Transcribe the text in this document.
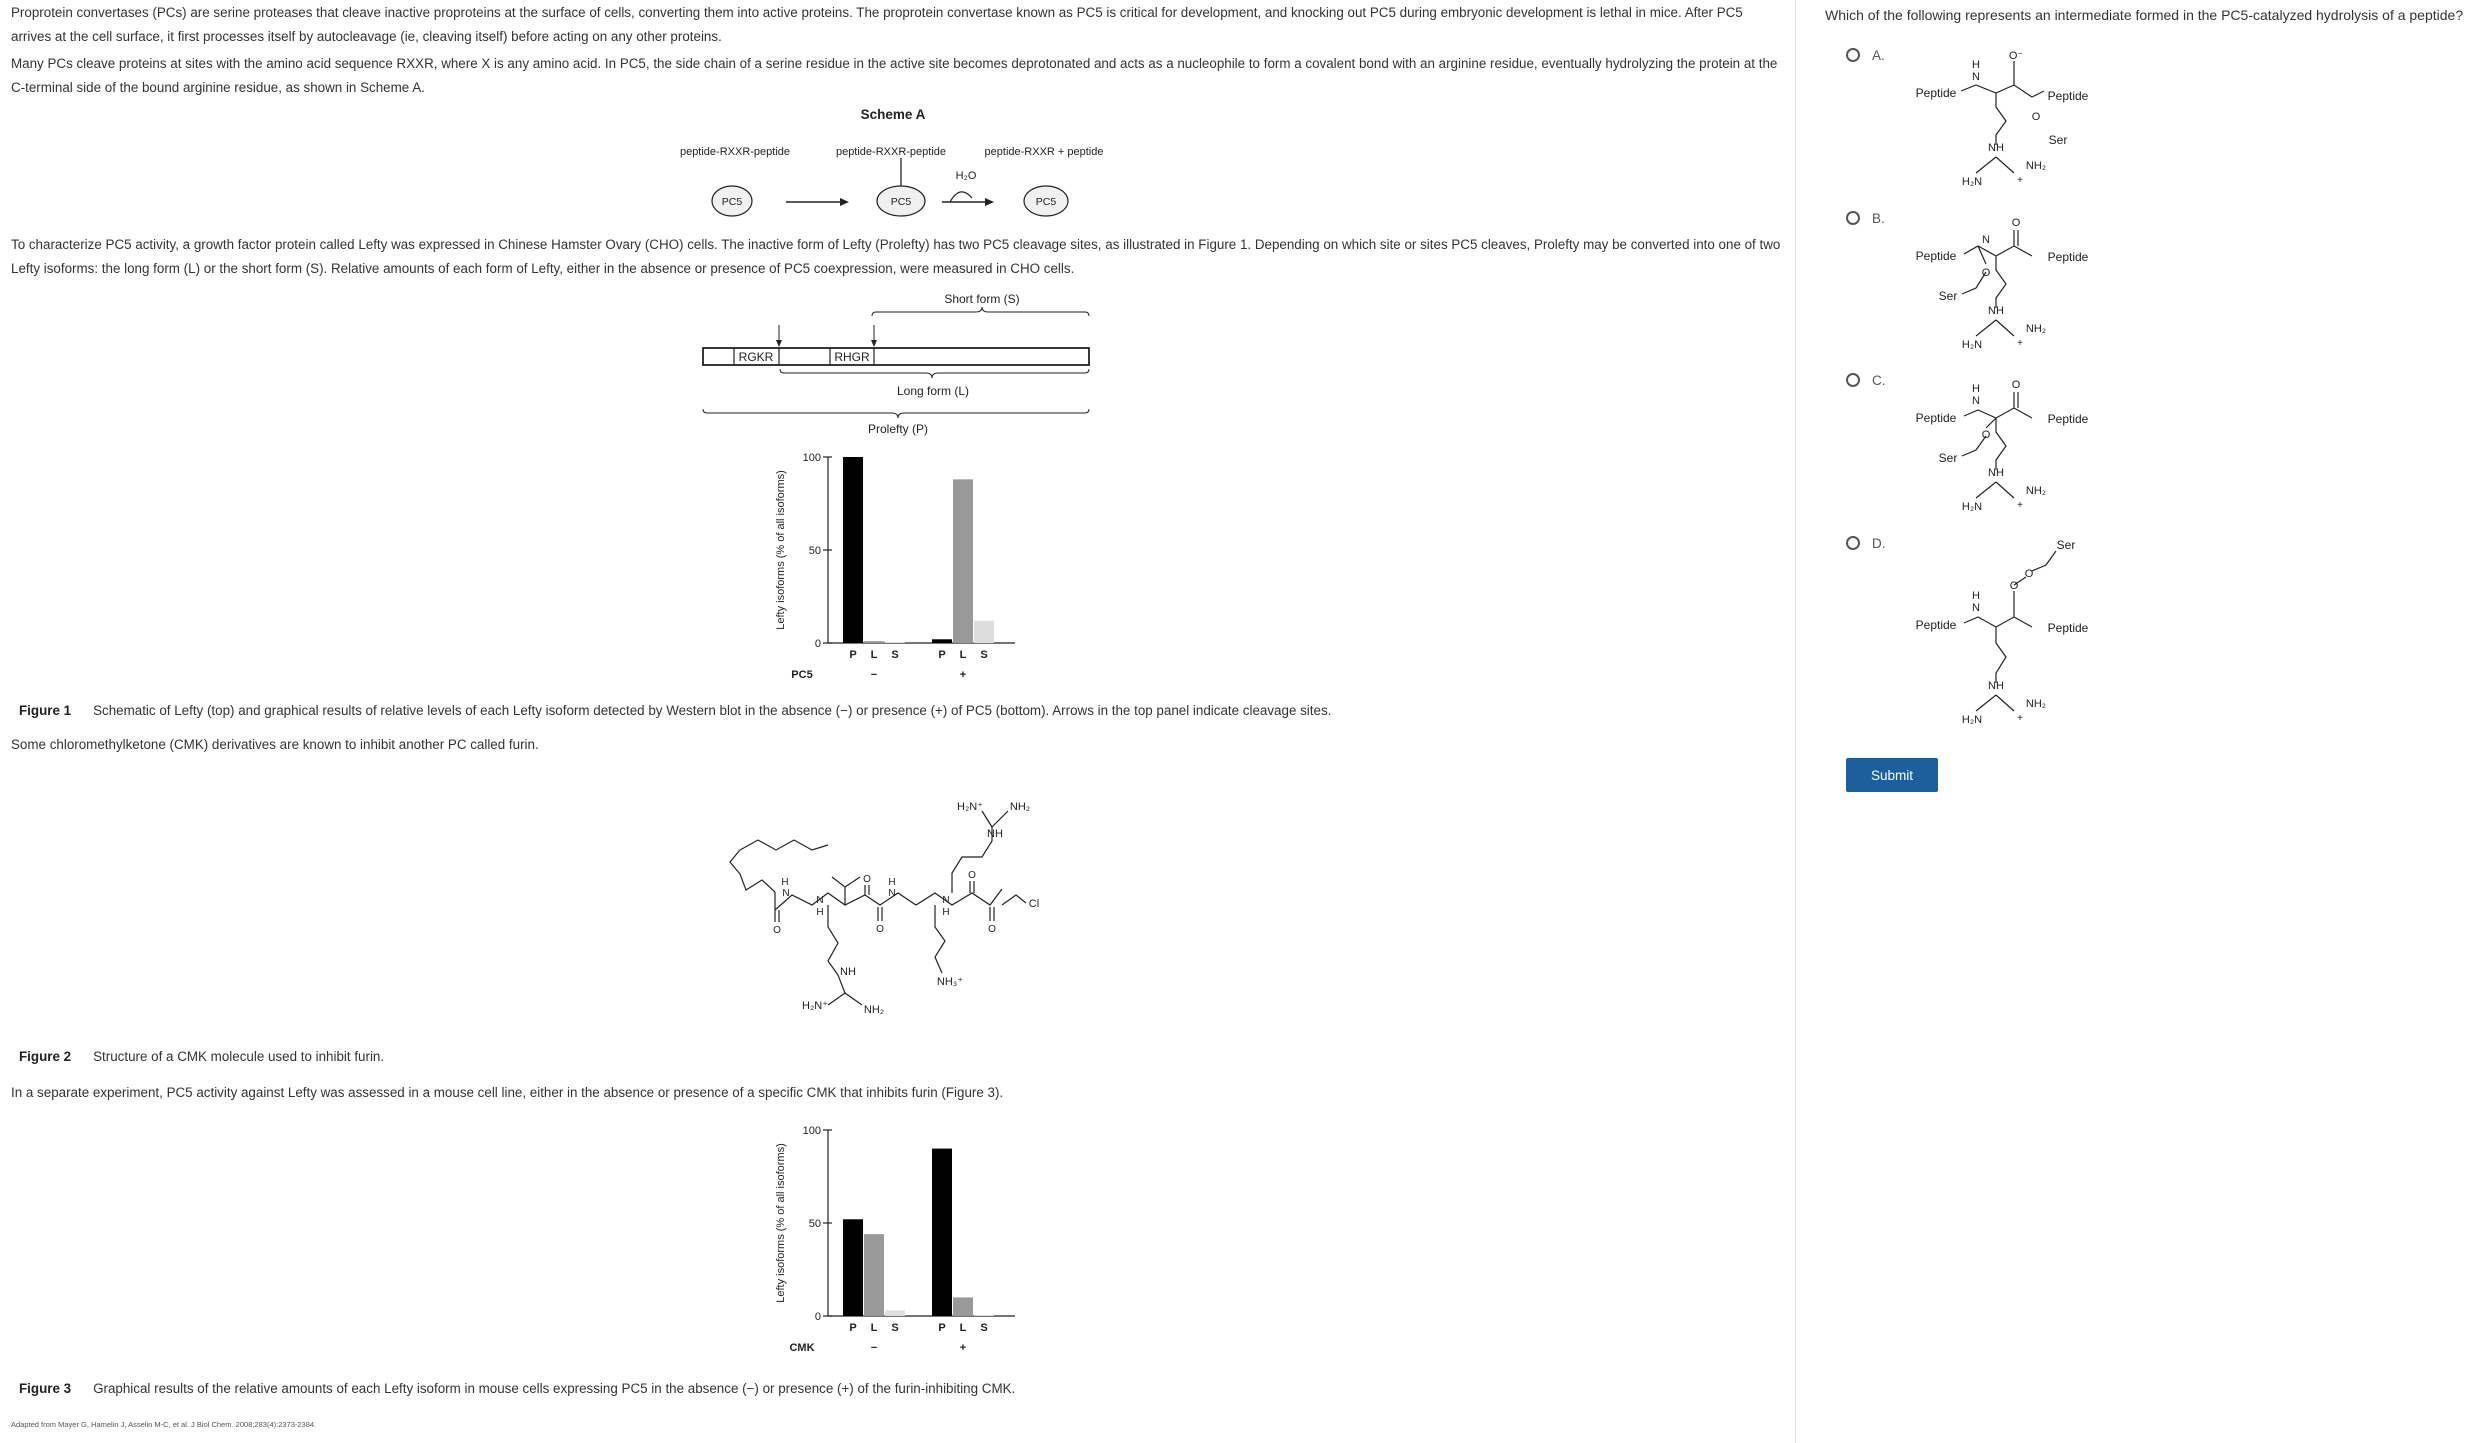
Proprotein convertases (PCs) are serine proteases that cleave inactive proproteins at the surface of cells, converting them into active proteins. The proprotein convertase known as PC5 is critical for development, and knocking out PC5 during embryonic development is lethal in mice. After PC5 arrives at the cell surface, it first processes itself by autocleavage (ie, cleaving itself) before acting on any other proteins.

Many PCs cleave proteins at sites with the amino acid sequence RXXR, where X is any amino acid. In PC5, the side chain of a serine residue in the active site becomes deprotonated and acts as a nucleophile to form a covalent bond with an arginine residue, eventually hydrolyzing the protein at the C-terminal side of the bound arginine residue, as shown in Scheme A.

Scheme A
peptide-RXXR-peptide	peptide-RXXR-peptide	peptide-RXXR + peptide
PC5	PC5
H₂O
PC5

To characterize PC5 activity, a growth factor protein called Lefty was expressed in Chinese Hamster Ovary (CHO) cells. The inactive form of Lefty (Prolefty) has two PC5 cleavage sites, as illustrated in Figure 1. Depending on which site or sites PC5 cleaves, Prolefty may be converted into one of two Lefty isoforms: the long form (L) or the short form (S). Relative amounts of each form of Lefty, either in the absence or presence of PC5 coexpression, were measured in CHO cells.

Short form (S)
RGKR	RHGR
Long form (L)
Prolefty (P)
Lefty isoforms (% of all isoforms)
0
50
100
P L S
−
P L S
+
PC5
Figure 1 Schematic of Lefty (top) and graphical results of relative levels of each Lefty isoform detected by Western blot in the absence (−) or presence (+) of PC5 (bottom). Arrows in the top panel indicate cleavage sites.

Some chloromethylketone (CMK) derivatives are known to inhibit another PC called furin.

H₂N⁺ NH₂
NH
Cl
NH
NH₃⁺
H₂N⁺	NH₂
H
N
N
H
N
H
N
H
O
O
O
O
O
Figure 2 Structure of a CMK molecule used to inhibit furin.

In a separate experiment, PC5 activity against Lefty was assessed in a mouse cell line, either in the absence or presence of a specific CMK that inhibits furin (Figure 3).

Lefty isoforms (% of all isoforms)
0
50
100
P L S
−
P L S
+
CMK
Figure 3 Graphical results of the relative amounts of each Lefty isoform in mouse cells expressing PC5 in the absence (−) or presence (+) of the furin-inhibiting CMK.
Adapted from Mayer G, Hamelin J, Asselin M-C, et al. J Biol Chem. 2008;283(4):2373-2384.
Which of the following represents an intermediate formed in the PC5-catalyzed hydrolysis of a peptide?
A.
Peptide
H
N
O⁻
O
Peptide
Ser
NH
NH₂
+
H₂N
B.
Peptide
N
O
O
Peptide
Ser
NH
NH₂
+
H₂N
C.
Peptide
H
N
O
O
Peptide
Ser
NH
NH₂
+
H₂N
D.	Ser
O
O
H
N
Peptide	Peptide
NH
NH₂
+
H₂N
Submit
